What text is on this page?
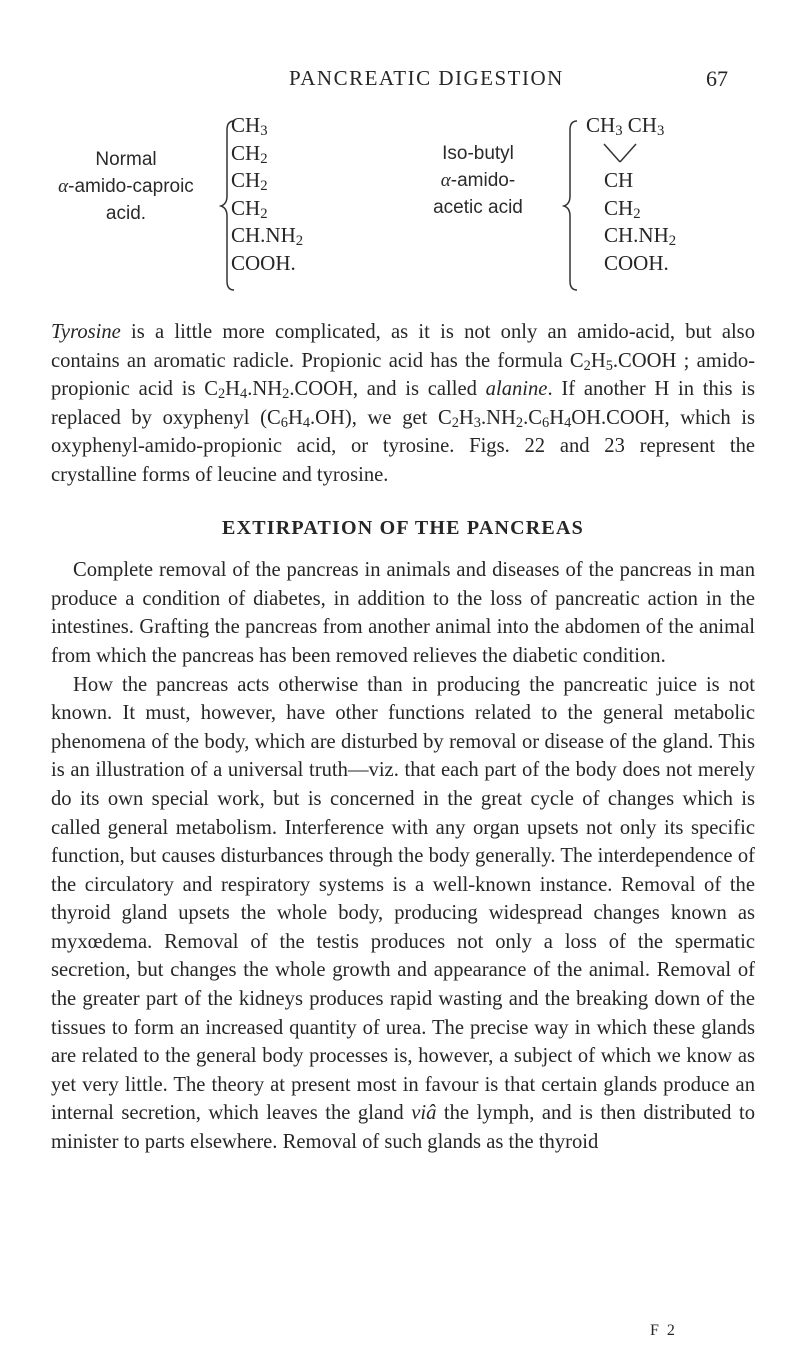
PANCREATIC DIGESTION	67
Normal
α-amido-caproic
acid.
$CH_3$
$CH_2$
$CH_2$
$CH_2$
$CH.NH_2$
COOH.
Iso-butyl
α-amido-
acetic acid
$CH_3$ $CH_3$
CH
$CH_2$
$CH.NH_2$
COOH.

Tyrosine is a little more complicated, as it is not only an amido-acid, but also contains an aromatic radicle. Propionic acid has the formula $C_2H_5.COOH$ ; amido-propionic acid is $C_2H_4.NH_2.COOH$, and is called alanine. If another H in this is replaced by oxyphenyl $(C_6H_4.OH)$, we get $C_2H_3.NH_2.C_6H_4OH.COOH$, which is oxyphenyl-amido-propionic acid, or tyrosine. Figs. 22 and 23 represent the crystalline forms of leucine and tyrosine.

EXTIRPATION OF THE PANCREAS

Complete removal of the pancreas in animals and diseases of the pancreas in man produce a condition of diabetes, in addition to the loss of pancreatic action in the intestines. Grafting the pancreas from another animal into the abdomen of the animal from which the pancreas has been removed relieves the diabetic condition.

How the pancreas acts otherwise than in producing the pancreatic juice is not known. It must, however, have other functions related to the general metabolic phenomena of the body, which are disturbed by removal or disease of the gland. This is an illustration of a universal truth—viz. that each part of the body does not merely do its own special work, but is concerned in the great cycle of changes which is called general metabolism. Interference with any organ upsets not only its specific function, but causes disturbances through the body generally. The interdependence of the circulatory and respiratory systems is a well-known instance. Removal of the thyroid gland upsets the whole body, producing widespread changes known as myxœdema. Removal of the testis produces not only a loss of the spermatic secretion, but changes the whole growth and appearance of the animal. Removal of the greater part of the kidneys produces rapid wasting and the breaking down of the tissues to form an increased quantity of urea. The precise way in which these glands are related to the general body processes is, however, a subject of which we know as yet very little. The theory at present most in favour is that certain glands produce an internal secretion, which leaves the gland viâ the lymph, and is then distributed to minister to parts elsewhere. Removal of such glands as the thyroid

F 2
